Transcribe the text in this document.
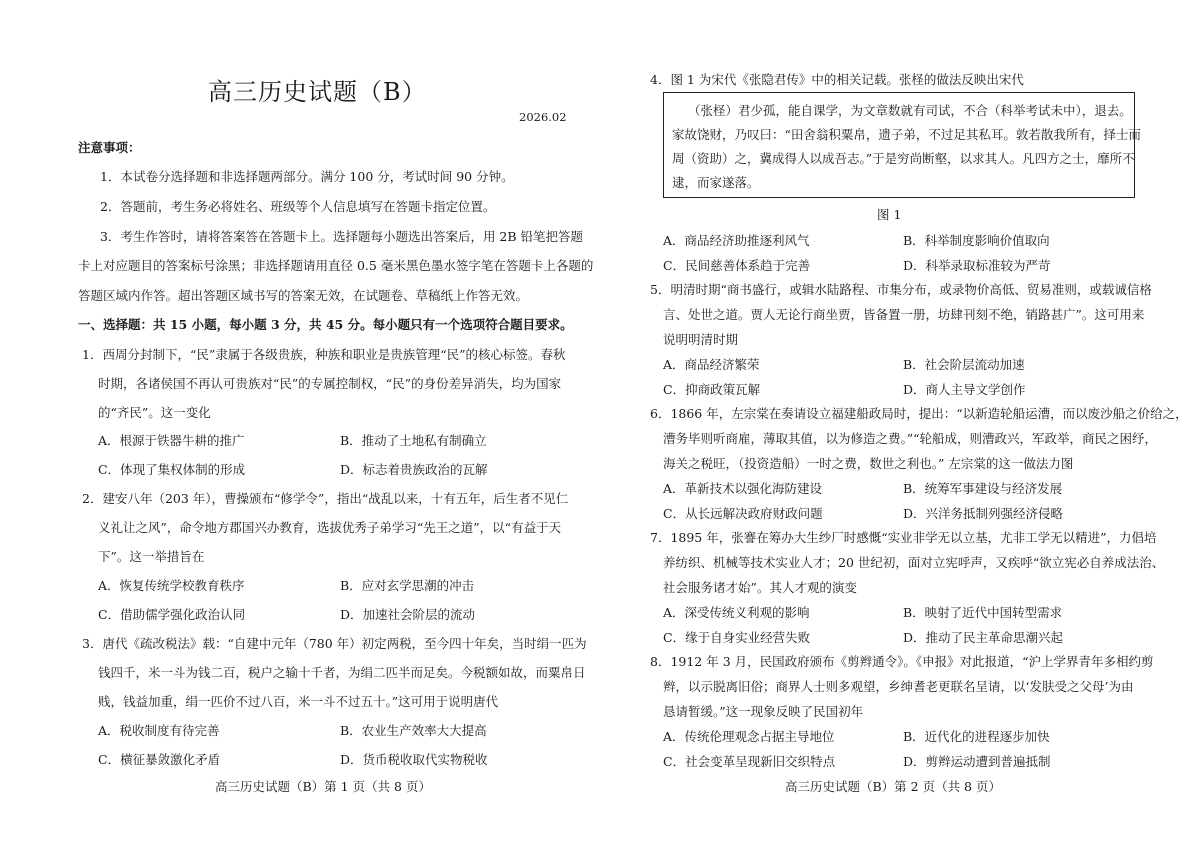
高三历史试题（B）
2026.02
注意事项：
1．本试卷分选择题和非选择题两部分。满分 100 分，考试时间 90 分钟。
2．答题前，考生务必将姓名、班级等个人信息填写在答题卡指定位置。
3．考生作答时，请将答案答在答题卡上。选择题每小题选出答案后，用 2B 铅笔把答题
卡上对应题目的答案标号涂黑；非选择题请用直径 0.5 毫米黑色墨水签字笔在答题卡上各题的
答题区域内作答。超出答题区域书写的答案无效，在试题卷、草稿纸上作答无效。
一、选择题：共 15 小题，每小题 3 分，共 45 分。每小题只有一个选项符合题目要求。
1．西周分封制下，“民”隶属于各级贵族，种族和职业是贵族管理“民”的核心标签。春秋
时期，各诸侯国不再认可贵族对“民”的专属控制权，“民”的身份差异消失，均为国家
的“齐民”。这一变化
A．根源于铁器牛耕的推广	B．推动了土地私有制确立
C．体现了集权体制的形成	D．标志着贵族政治的瓦解
2．建安八年（203 年），曹操颁布“修学令”，指出“战乱以来，十有五年，后生者不见仁
义礼让之风”，命令地方郡国兴办教育，选拔优秀子弟学习“先王之道”，以“有益于天
下”。这一举措旨在
A．恢复传统学校教育秩序	B．应对玄学思潮的冲击
C．借助儒学强化政治认同	D．加速社会阶层的流动
3．唐代《疏改税法》载：“自建中元年（780 年）初定两税，至今四十年矣，当时绢一匹为
钱四千，米一斗为钱二百，税户之输十千者，为绢二匹半而足矣。今税额如故，而粟帛日
贱，钱益加重，绢一匹价不过八百，米一斗不过五十。”这可用于说明唐代
A．税收制度有待完善	B．农业生产效率大大提高
C．横征暴敛激化矛盾	D．货币税收取代实物税收
高三历史试题（B）第 1 页（共 8 页）
4．图 1 为宋代《张隐君传》中的相关记载。张柽的做法反映出宋代
（张柽）君少孤，能自课学，为文章数就有司试，不合（科举考试未中），退去。
家故饶财，乃叹曰：“田舍翁积粟帛，遗子弟，不过足其私耳。敦若散我所有，择士而
周（资助）之，冀成得人以成吾志。”于是穷尚断壑，以求其人。凡四方之士，靡所不
逮，而家遂落。
图 1
A．商品经济助推逐利风气	B．科举制度影响价值取向
C．民间慈善体系趋于完善	D．科举录取标准较为严苛
5．明清时期“商书盛行，或辑水陆路程、市集分布，或录物价高低、贸易准则，或载诚信格
言、处世之道。贾人无论行商坐贾，皆备置一册，坊肆刊刻不绝，销路甚广”。这可用来
说明明清时期
A．商品经济繁荣	B．社会阶层流动加速
C．抑商政策瓦解	D．商人主导文学创作
6．1866 年，左宗棠在奏请设立福建船政局时，提出：“以新造轮船运漕，而以废沙船之价给之，
漕务毕则听商雇，薄取其值，以为修造之费。”“轮船成，则漕政兴，军政举，商民之困纾，
海关之税旺，（投资造船）一时之费，数世之利也。” 左宗棠的这一做法力图
A．革新技术以强化海防建设	B．统筹军事建设与经济发展
C．从长远解决政府财政问题	D．兴洋务抵制列强经济侵略
7．1895 年，张謇在筹办大生纱厂时感慨“实业非学无以立基，尤非工学无以精进”，力倡培
养纺织、机械等技术实业人才；20 世纪初，面对立宪呼声，又疾呼“欲立宪必自养成法治、
社会服务诸才始”。其人才观的演变
A．深受传统义利观的影响	B．映射了近代中国转型需求
C．缘于自身实业经营失败	D．推动了民主革命思潮兴起
8．1912 年 3 月，民国政府颁布《剪辫通令》。《申报》对此报道，“沪上学界青年多相约剪
辫，以示脱离旧俗；商界人士则多观望，乡绅耆老更联名呈请，以‘发肤受之父母’为由
恳请暂缓。”这一现象反映了民国初年
A．传统伦理观念占据主导地位	B．近代化的进程逐步加快
C．社会变革呈现新旧交织特点	D．剪辫运动遭到普遍抵制
高三历史试题（B）第 2 页（共 8 页）
